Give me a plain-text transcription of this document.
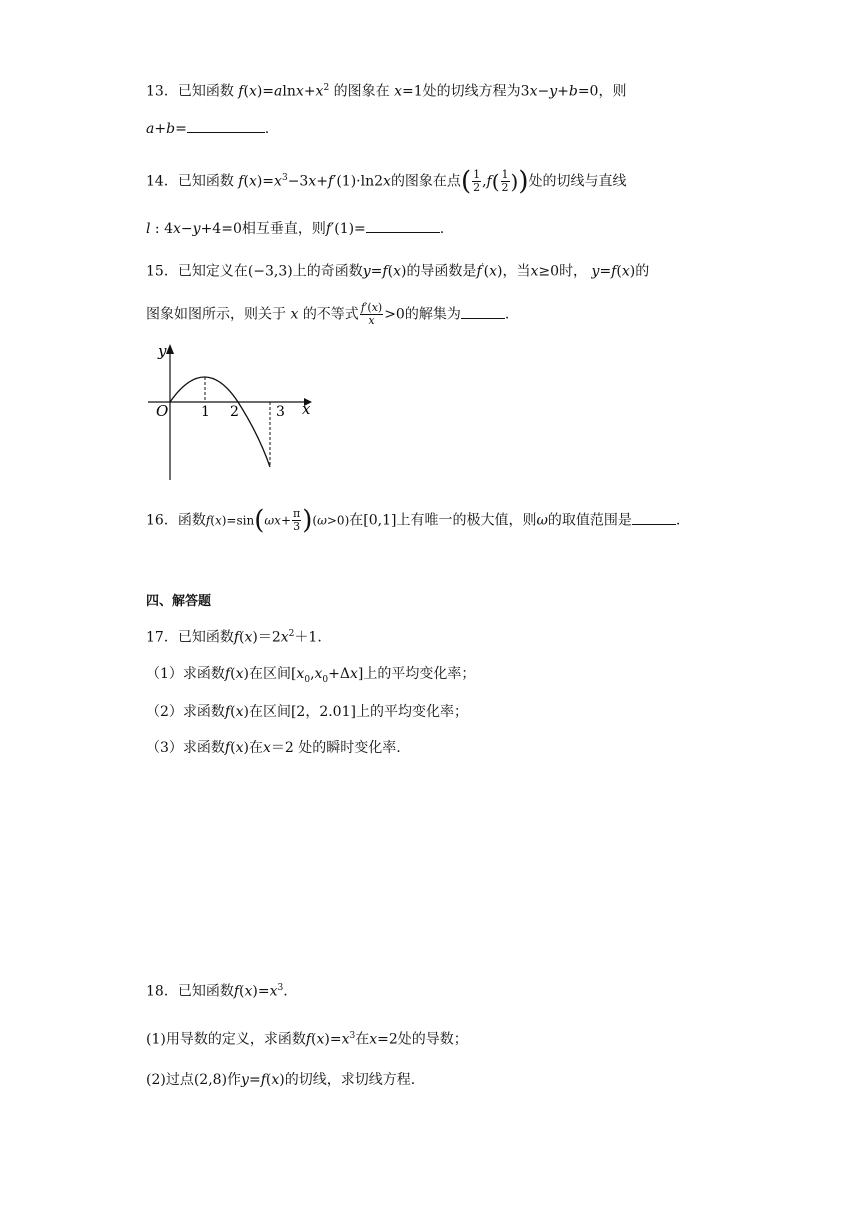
13．已知函数 $f(x)=alnx+x^2$ 的图象在 x=1处的切线方程为3x−y+b=0，则
a+b=	.
14．已知函数 $f(x)=x^3-3x+f'(1)\cdot\ln 2x$的图象在点( $\frac{1}{2} ,f( \frac{1}{2}$ ))处的切线与直线
l : 4x−y+4=0相互垂直，则f′(1)=	.
15．已知定义在(−3,3)上的奇函数y=f(x)的导函数是f′(x)，当x≥0时， y=f(x)的
图象如图所示，则关于 x 的不等式 $\frac{f'(x)}{x} >0$的解集为	.
y
x
O 1 2	3
16．函数$f(x)=\sin(\omega x+ \frac{\pi}{3} )(\omega>0)$在[0,1]上有唯一的极大值，则ω的取值范围是	.
四、解答题
17．已知函数$f(x)=2x^2+1$.
（1）求函数f(x)在区间$[x_0,x_0+\Delta x]$上的平均变化率；
（2）求函数f(x)在区间[2，2.01]上的平均变化率；
（3）求函数f(x)在x＝2 处的瞬时变化率.
18．已知函数$f(x)=x^3$.
(1)用导数的定义，求函数$f(x)=x^3$在x=2处的导数；
(2)过点(2,8)作y=f(x)的切线，求切线方程.
